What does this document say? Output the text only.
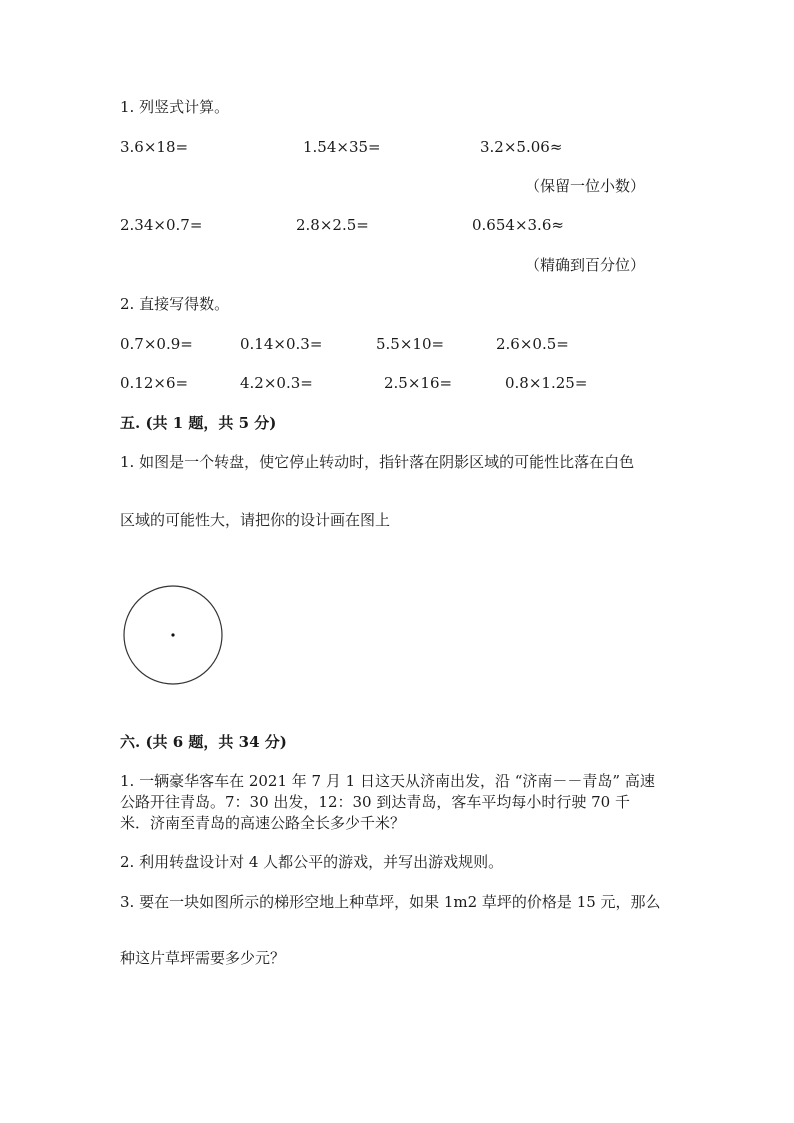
1. 列竖式计算。
3.6×18=	1.54×35=	3.2×5.06≈
（保留一位小数）
2.34×0.7=	2.8×2.5=	0.654×3.6≈
（精确到百分位）
2. 直接写得数。
0.7×0.9=	0.14×0.3=	5.5×10=	2.6×0.5=
0.12×6=	4.2×0.3=	2.5×16=	0.8×1.25=
五. (共 1 题，共 5 分)
1. 如图是一个转盘，使它停止转动时，指针落在阴影区域的可能性比落在白色
区域的可能性大，请把你的设计画在图上
六. (共 6 题，共 34 分)
1. 一辆豪华客车在 2021 年 7 月 1 日这天从济南出发，沿 “济南－－青岛” 高速
公路开往青岛。7：30 出发，12：30 到达青岛，客车平均每小时行驶 70 千
米．济南至青岛的高速公路全长多少千米？
2. 利用转盘设计对 4 人都公平的游戏，并写出游戏规则。
3. 要在一块如图所示的梯形空地上种草坪，如果 1m2 草坪的价格是 15 元，那么
种这片草坪需要多少元？
